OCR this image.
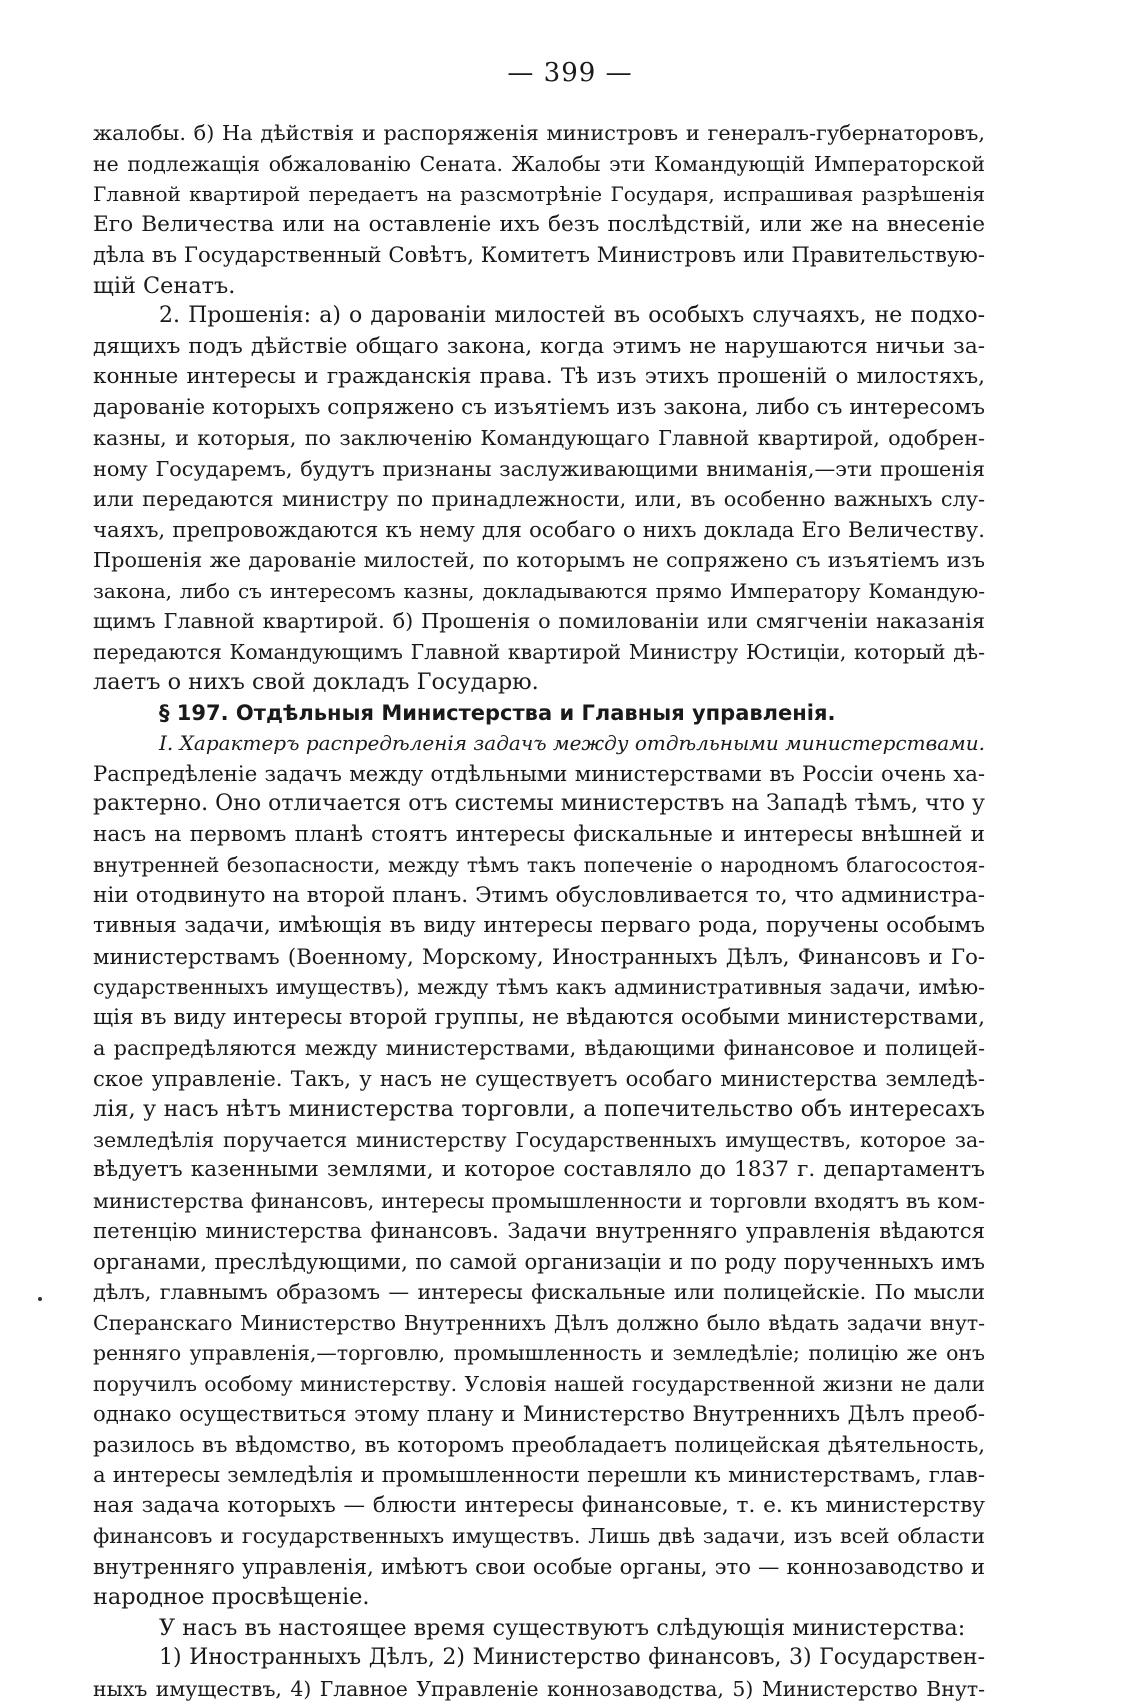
— 399 —
жалобы. б) На дѣйствія и распоряженія министровъ и генералъ-губернаторовъ,
не подлежащія обжалованію Сената. Жалобы эти Командующій Императорской
Главной квартирой передаетъ на разсмотрѣніе Государя, испрашивая разрѣшенія
Его Величества или на оставленіе ихъ безъ послѣдствій, или же на внесеніе
дѣла въ Государственный Совѣтъ, Комитетъ Министровъ или Правительствую-
щій Сенатъ.
2. Прошенія: а) о дарованіи милостей въ особыхъ случаяхъ, не подхо-
дящихъ подъ дѣйствіе общаго закона, когда этимъ не нарушаются ничьи за-
конные интересы и гражданскія права. Тѣ изъ этихъ прошеній о милостяхъ,
дарованіе которыхъ сопряжено съ изъятіемъ изъ закона, либо съ интересомъ
казны, и которыя, по заключенію Командующаго Главной квартирой, одобрен-
ному Государемъ, будутъ признаны заслуживающими вниманія,—эти прошенія
или передаются министру по принадлежности, или, въ особенно важныхъ слу-
чаяхъ, препровождаются къ нему для особаго о нихъ доклада Его Величеству.
Прошенія же дарованіе милостей, по которымъ не сопряжено съ изъятіемъ изъ
закона, либо съ интересомъ казны, докладываются прямо Императору Командую-
щимъ Главной квартирой. б) Прошенія о помилованіи или смягченіи наказанія
передаются Командующимъ Главной квартирой Министру Юстиціи, который дѣ-
лаетъ о нихъ свой докладъ Государю.
§ 197. Отдѣльныя Министерства и Главныя управленія.
I. Характеръ распредѣленія задачъ между отдѣльными министерствами.
Распредѣленіе задачъ между отдѣльными министерствами въ Россіи очень ха-
рактерно. Оно отличается отъ системы министерствъ на Западѣ тѣмъ, что у
насъ на первомъ планѣ стоятъ интересы фискальные и интересы внѣшней и
внутренней безопасности, между тѣмъ такъ попеченіе о народномъ благосостоя-
ніи отодвинуто на второй планъ. Этимъ обусловливается то, что администра-
тивныя задачи, имѣющія въ виду интересы перваго рода, поручены особымъ
министерствамъ (Военному, Морскому, Иностранныхъ Дѣлъ, Финансовъ и Го-
сударственныхъ имуществъ), между тѣмъ какъ административныя задачи, имѣю-
щія въ виду интересы второй группы, не вѣдаются особыми министерствами,
а распредѣляются между министерствами, вѣдающими финансовое и полицей-
ское управленіе. Такъ, у насъ не существуетъ особаго министерства земледѣ-
лія, у насъ нѣтъ министерства торговли, а попечительство объ интересахъ
земледѣлія поручается министерству Государственныхъ имуществъ, которое за-
вѣдуетъ казенными землями, и которое составляло до 1837 г. департаментъ
министерства финансовъ, интересы промышленности и торговли входятъ въ ком-
петенцію министерства финансовъ. Задачи внутренняго управленія вѣдаются
органами, преслѣдующими, по самой организаціи и по роду порученныхъ имъ
дѣлъ, главнымъ образомъ — интересы фискальные или полицейскіе. По мысли
Сперанскаго Министерство Внутреннихъ Дѣлъ должно было вѣдать задачи внут-
ренняго управленія,—торговлю, промышленность и земледѣліе; полицію же онъ
поручилъ особому министерству. Условія нашей государственной жизни не дали
однако осуществиться этому плану и Министерство Внутреннихъ Дѣлъ преоб-
разилось въ вѣдомство, въ которомъ преобладаетъ полицейская дѣятельность,
а интересы земледѣлія и промышленности перешли къ министерствамъ, глав-
ная задача которыхъ — блюсти интересы финансовые, т. е. къ министерству
финансовъ и государственныхъ имуществъ. Лишь двѣ задачи, изъ всей области
внутренняго управленія, имѣютъ свои особые органы, это — коннозаводство и
народное просвѣщеніе.
У насъ въ настоящее время существуютъ слѣдующія министерства:
1) Иностранныхъ Дѣлъ, 2) Министерство финансовъ, 3) Государствен-
ныхъ имуществъ, 4) Главное Управленіе коннозаводства, 5) Министерство Внут-
